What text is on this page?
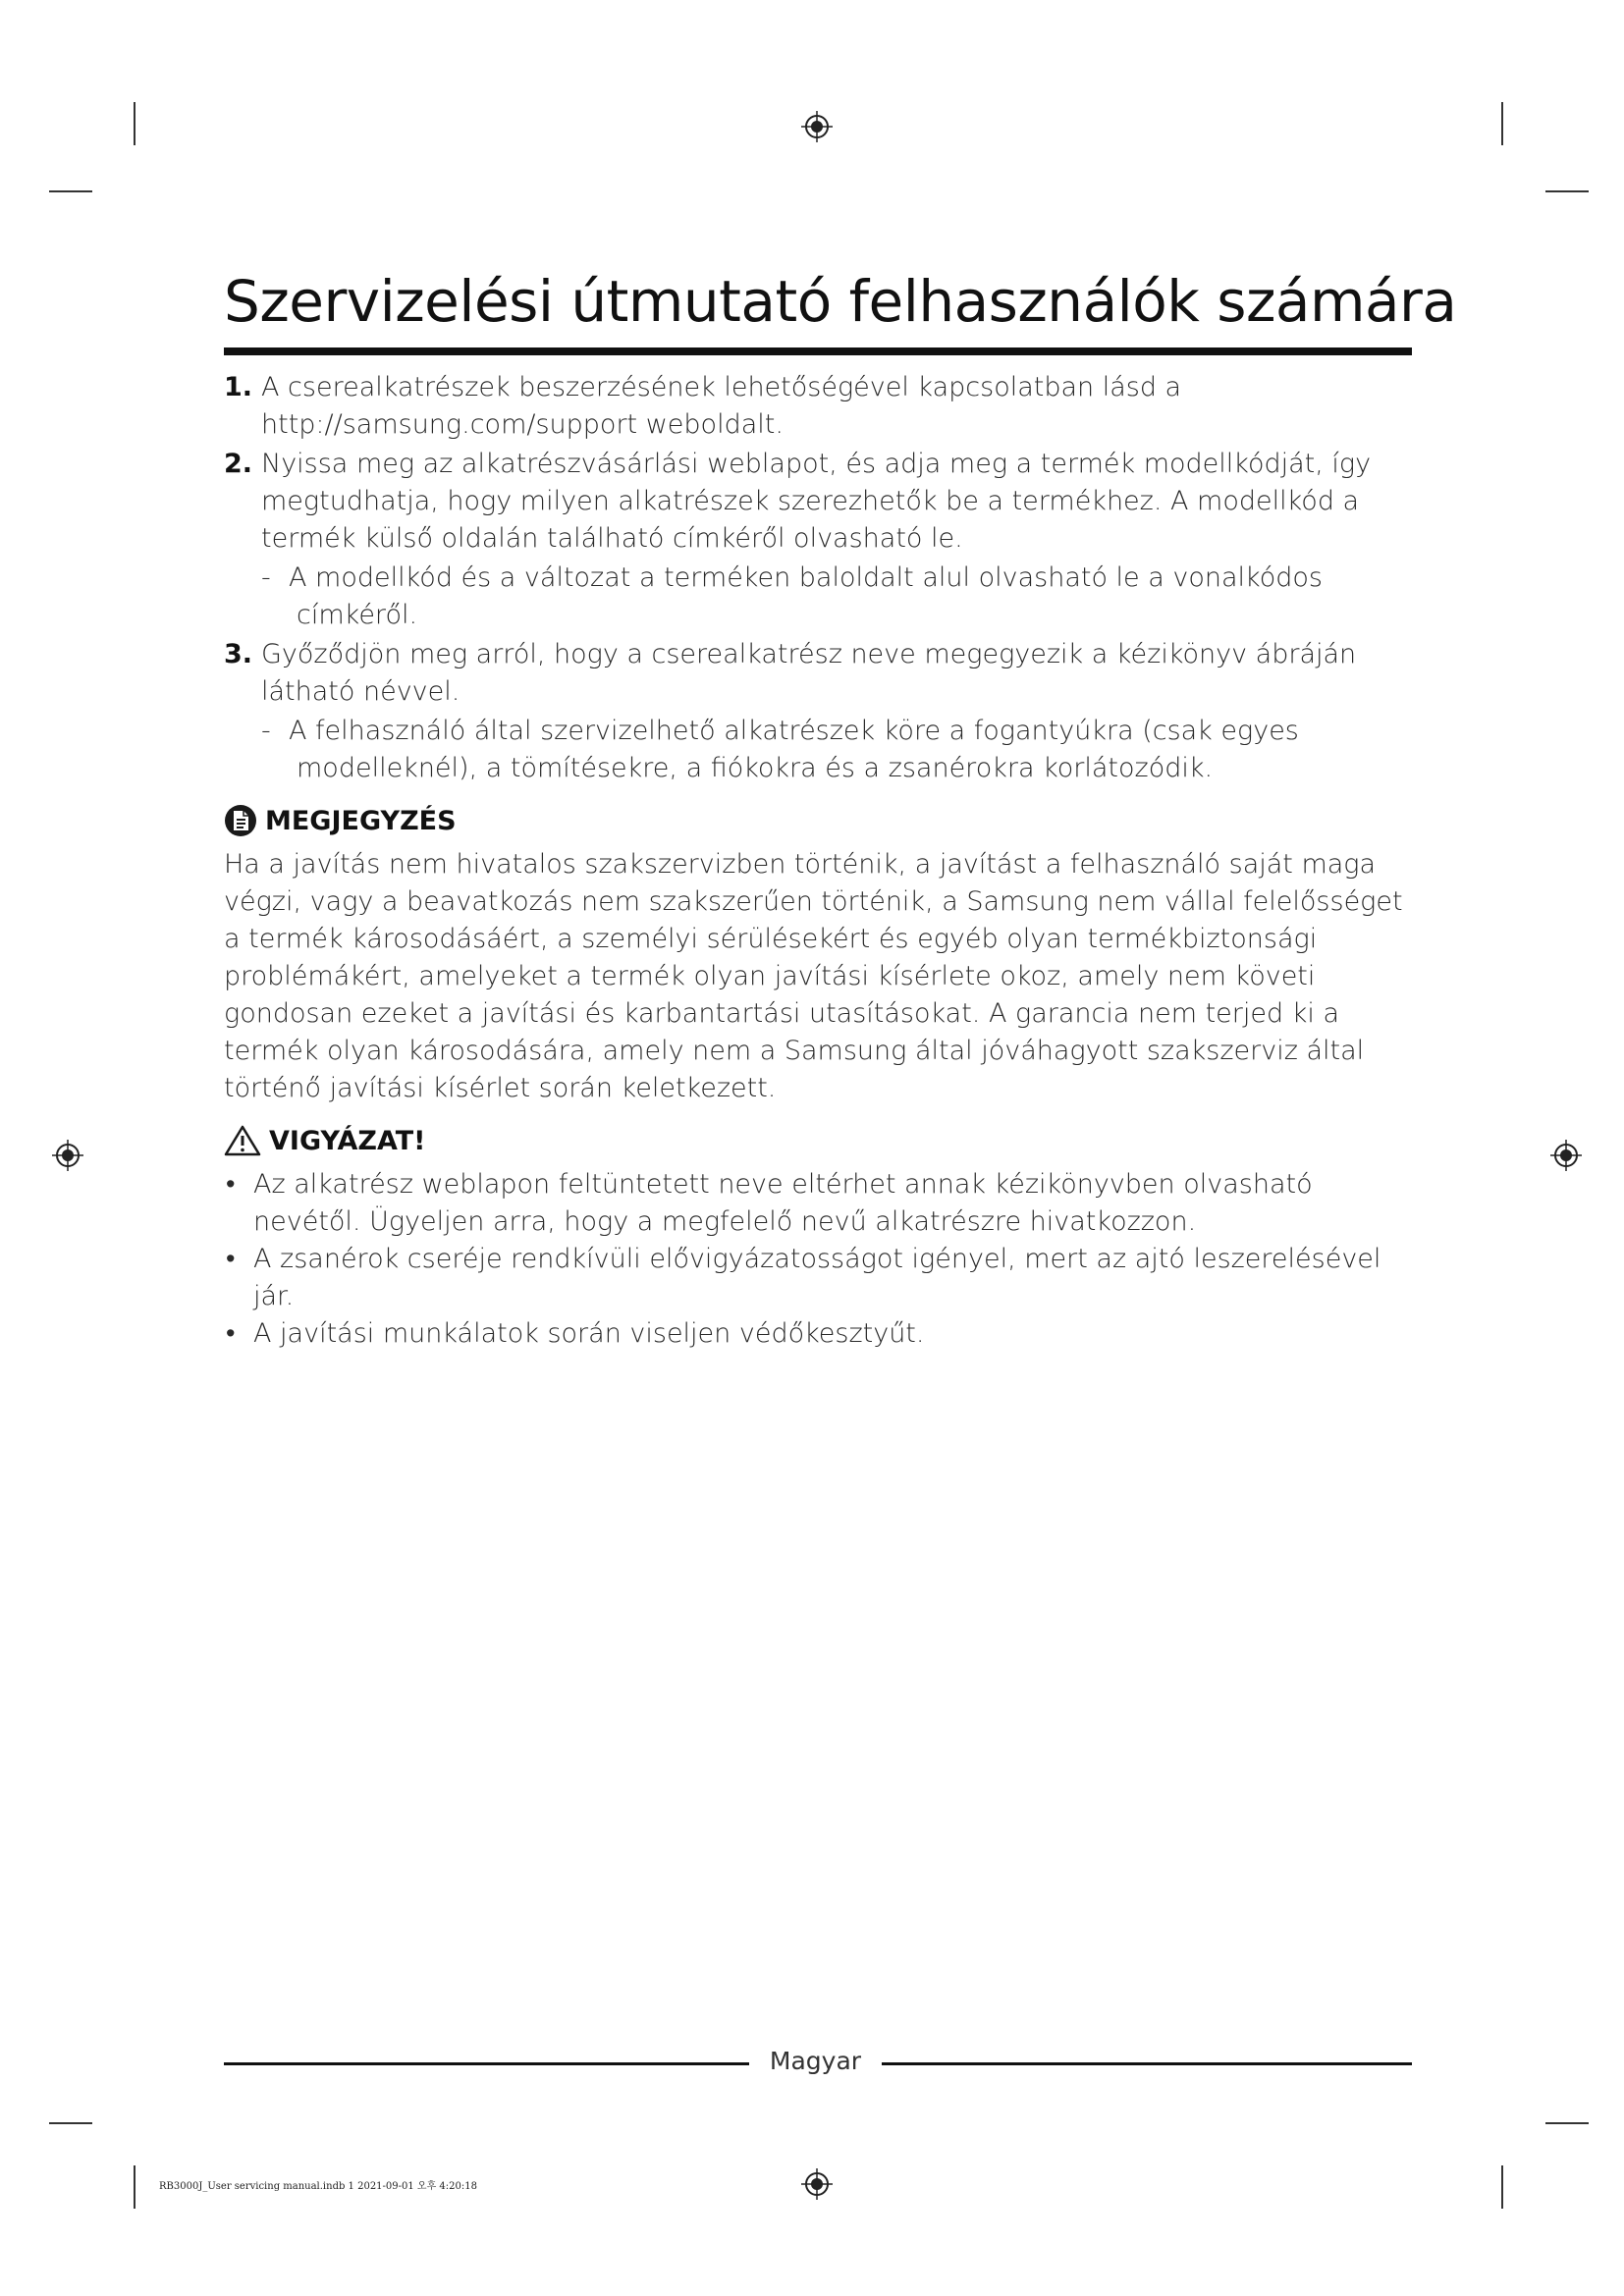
Szervizelési útmutató felhasználók számára
1. A cserealkatrészek beszerzésének lehetőségével kapcsolatban lásd a http://samsung.com/support weboldalt.
2. Nyissa meg az alkatrészvásárlási weblapot, és adja meg a termék modellkódját, így megtudhatja, hogy milyen alkatrészek szerezhetők be a termékhez. A modellkód a termék külső oldalán található címkéről olvasható le.
- A modellkód és a változat a terméken baloldalt alul olvasható le a vonalkódos címkéről.
3. Győződjön meg arról, hogy a cserealkatrész neve megegyezik a kézikönyv ábráján látható névvel.
- A felhasználó által szervizelhető alkatrészek köre a fogantyúkra (csak egyes modelleknél), a tömítésekre, a fiókokra és a zsanérokra korlátozódik.
MEGJEGYZÉS
Ha a javítás nem hivatalos szakszervizben történik, a javítást a felhasználó saját maga végzi, vagy a beavatkozás nem szakszerűen történik, a Samsung nem vállal felelősséget a termék károsodásáért, a személyi sérülésekért és egyéb olyan termékbiztonsági problémákért, amelyeket a termék olyan javítási kísérlete okoz, amely nem követi gondosan ezeket a javítási és karbantartási utasításokat. A garancia nem terjed ki a termék olyan károsodására, amely nem a Samsung által jóváhagyott szakszerviz által történő javítási kísérlet során keletkezett.
VIGYÁZAT!
• Az alkatrész weblapon feltüntetett neve eltérhet annak kézikönyvben olvasható nevétől. Ügyeljen arra, hogy a megfelelő nevű alkatrészre hivatkozzon.
• A zsanérok cseréje rendkívüli elővigyázatosságot igényel, mert az ajtó leszerelésével jár.
• A javítási munkálatok során viseljen védőkesztyűt.
Magyar
RB3000J_User servicing manual.indb 1 2021-09-01 오후 4:20:18
